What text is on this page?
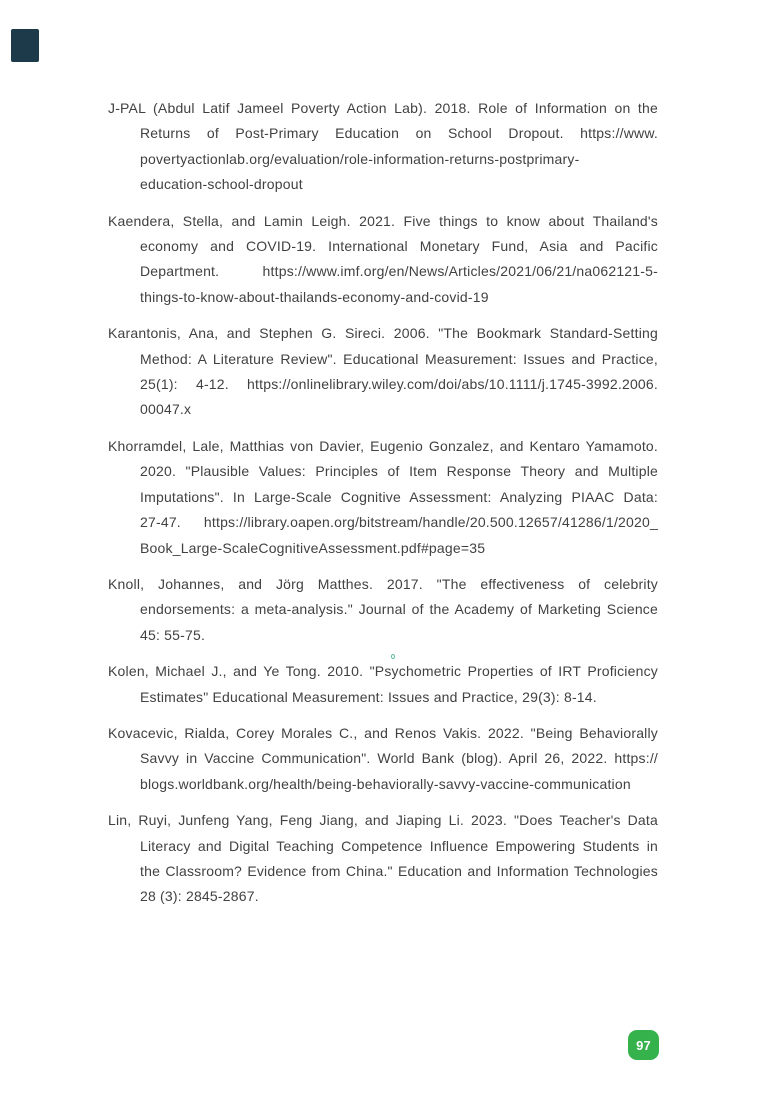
J-PAL (Abdul Latif Jameel Poverty Action Lab). 2018. Role of Information on the
Returns of Post-Primary Education on School Dropout. https://www.
povertyactionlab.org/evaluation/role-information-returns-postprimary-
education-school-dropout
Kaendera, Stella, and Lamin Leigh. 2021. Five things to know about Thailand's
economy and COVID-19. International Monetary Fund, Asia and Pacific
Department. https://www.imf.org/en/News/Articles/2021/06/21/na062121-5-
things-to-know-about-thailands-economy-and-covid-19
Karantonis, Ana, and Stephen G. Sireci. 2006. "The Bookmark Standard-Setting
Method: A Literature Review". Educational Measurement: Issues and Practice,
25(1): 4-12. https://onlinelibrary.wiley.com/doi/abs/10.1111/j.1745-3992.2006.
00047.x
Khorramdel, Lale, Matthias von Davier, Eugenio Gonzalez, and Kentaro Yamamoto.
2020. "Plausible Values: Principles of Item Response Theory and Multiple
Imputations". In Large-Scale Cognitive Assessment: Analyzing PIAAC Data:
27-47. https://library.oapen.org/bitstream/handle/20.500.12657/41286/1/2020_
Book_Large-ScaleCognitiveAssessment.pdf#page=35
Knoll, Johannes, and Jörg Matthes. 2017. "The effectiveness of celebrity
endorsements: a meta-analysis." Journal of the Academy of Marketing Science
45: 55-75.
Kolen, Michael J., and Ye Tong. 2010. "Psychometric Properties of IRT Proficiency
Estimates" Educational Measurement: Issues and Practice, 29(3): 8-14.
Kovacevic, Rialda, Corey Morales C., and Renos Vakis. 2022. "Being Behaviorally
Savvy in Vaccine Communication". World Bank (blog). April 26, 2022. https://
blogs.worldbank.org/health/being-behaviorally-savvy-vaccine-communication
Lin, Ruyi, Junfeng Yang, Feng Jiang, and Jiaping Li. 2023. "Does Teacher's Data
Literacy and Digital Teaching Competence Influence Empowering Students in
the Classroom? Evidence from China." Education and Information Technologies
28 (3): 2845-2867.
97
